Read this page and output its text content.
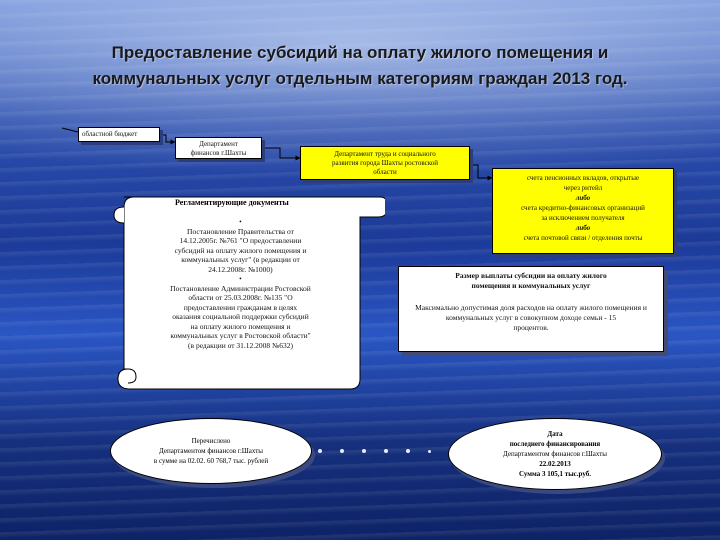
Предоставление субсидий на оплату жилого помещения и
коммунальных услуг отдельным категориям граждан 2013 год.
областной бюджет
Департамент
финансов г.Шахты	Департамент труда и социального
развития города Шахты ростовской
области
счета пенсионных вкладов, открытые
через ритейл
либо
счета кредитно-финансовых организаций
за исключением получателя
либо
счета почтовой связи / отделения почты
Регламентирующие документы
•
Постановление Правительства от
14.12.2005г. №761 "О предоставлении
субсидий на оплату жилого помещения и
коммунальных услуг" (в редакции от
24.12.2008г. №1000)
•
Постановление Администрации Ростовской
области от 25.03.2008г. №135 "О
предоставлении гражданам в целях
оказания социальной поддержки субсидий
на оплату жилого помещения и
коммунальных услуг в Ростовской области"
(в редакции от 31.12.2008 №632)
Размер выплаты субсидии на оплату жилого
помещения и коммунальных услуг
Максимально допустимая доля расходов на оплату жилого помещения и
коммунальных услуг в совокупном доходе семьи - 15
процентов.
Перечислено
Департаментом финансов г.Шахты
в сумме на 02.02. 60 768,7 тыс. рублей
Дата
последнего финансирования
Департаментом финансов г.Шахты
22.02.2013
Сумма 3 105,1 тыс.руб.
